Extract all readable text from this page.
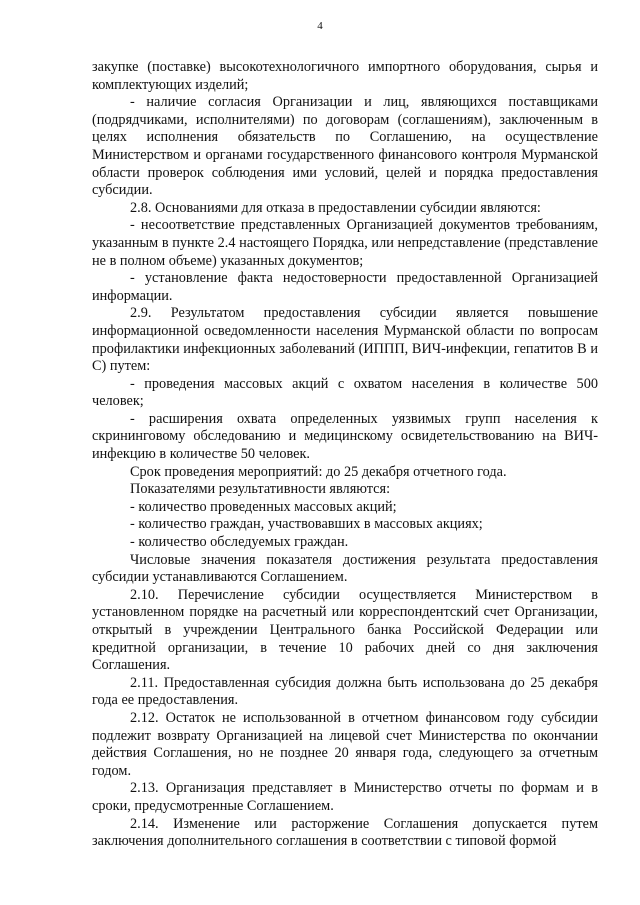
4

закупке (поставке) высокотехнологичного импортного оборудования, сырья и комплектующих изделий;

- наличие согласия Организации и лиц, являющихся поставщиками (подрядчиками, исполнителями) по договорам (соглашениям), заключенным в целях исполнения обязательств по Соглашению, на осуществление Министерством и органами государственного финансового контроля Мурманской области проверок соблюдения ими условий, целей и порядка предоставления субсидии.

2.8. Основаниями для отказа в предоставлении субсидии являются:

- несоответствие представленных Организацией документов требованиям, указанным в пункте 2.4 настоящего Порядка, или непредставление (представление не в полном объеме) указанных документов;

- установление факта недостоверности предоставленной Организацией информации.

2.9. Результатом предоставления субсидии является повышение информационной осведомленности населения Мурманской области по вопросам профилактики инфекционных заболеваний (ИППП, ВИЧ-инфекции, гепатитов В и С) путем:

- проведения массовых акций с охватом населения в количестве 500 человек;

- расширения охвата определенных уязвимых групп населения к скрининговому обследованию и медицинскому освидетельствованию на ВИЧ-инфекцию в количестве 50 человек.

Срок проведения мероприятий: до 25 декабря отчетного года.

Показателями результативности являются:

- количество проведенных массовых акций;

- количество граждан, участвовавших в массовых акциях;

- количество обследуемых граждан.

Числовые значения показателя достижения результата предоставления субсидии устанавливаются Соглашением.

2.10. Перечисление субсидии осуществляется Министерством в установленном порядке на расчетный или корреспондентский счет Организации, открытый в учреждении Центрального банка Российской Федерации или кредитной организации, в течение 10 рабочих дней со дня заключения Соглашения.

2.11. Предоставленная субсидия должна быть использована до 25 декабря года ее предоставления.

2.12. Остаток не использованной в отчетном финансовом году субсидии подлежит возврату Организацией на лицевой счет Министерства по окончании действия Соглашения, но не позднее 20 января года, следующего за отчетным годом.

2.13. Организация представляет в Министерство отчеты по формам и в сроки, предусмотренные Соглашением.

2.14. Изменение или расторжение Соглашения допускается путем заключения дополнительного соглашения в соответствии с типовой формой
